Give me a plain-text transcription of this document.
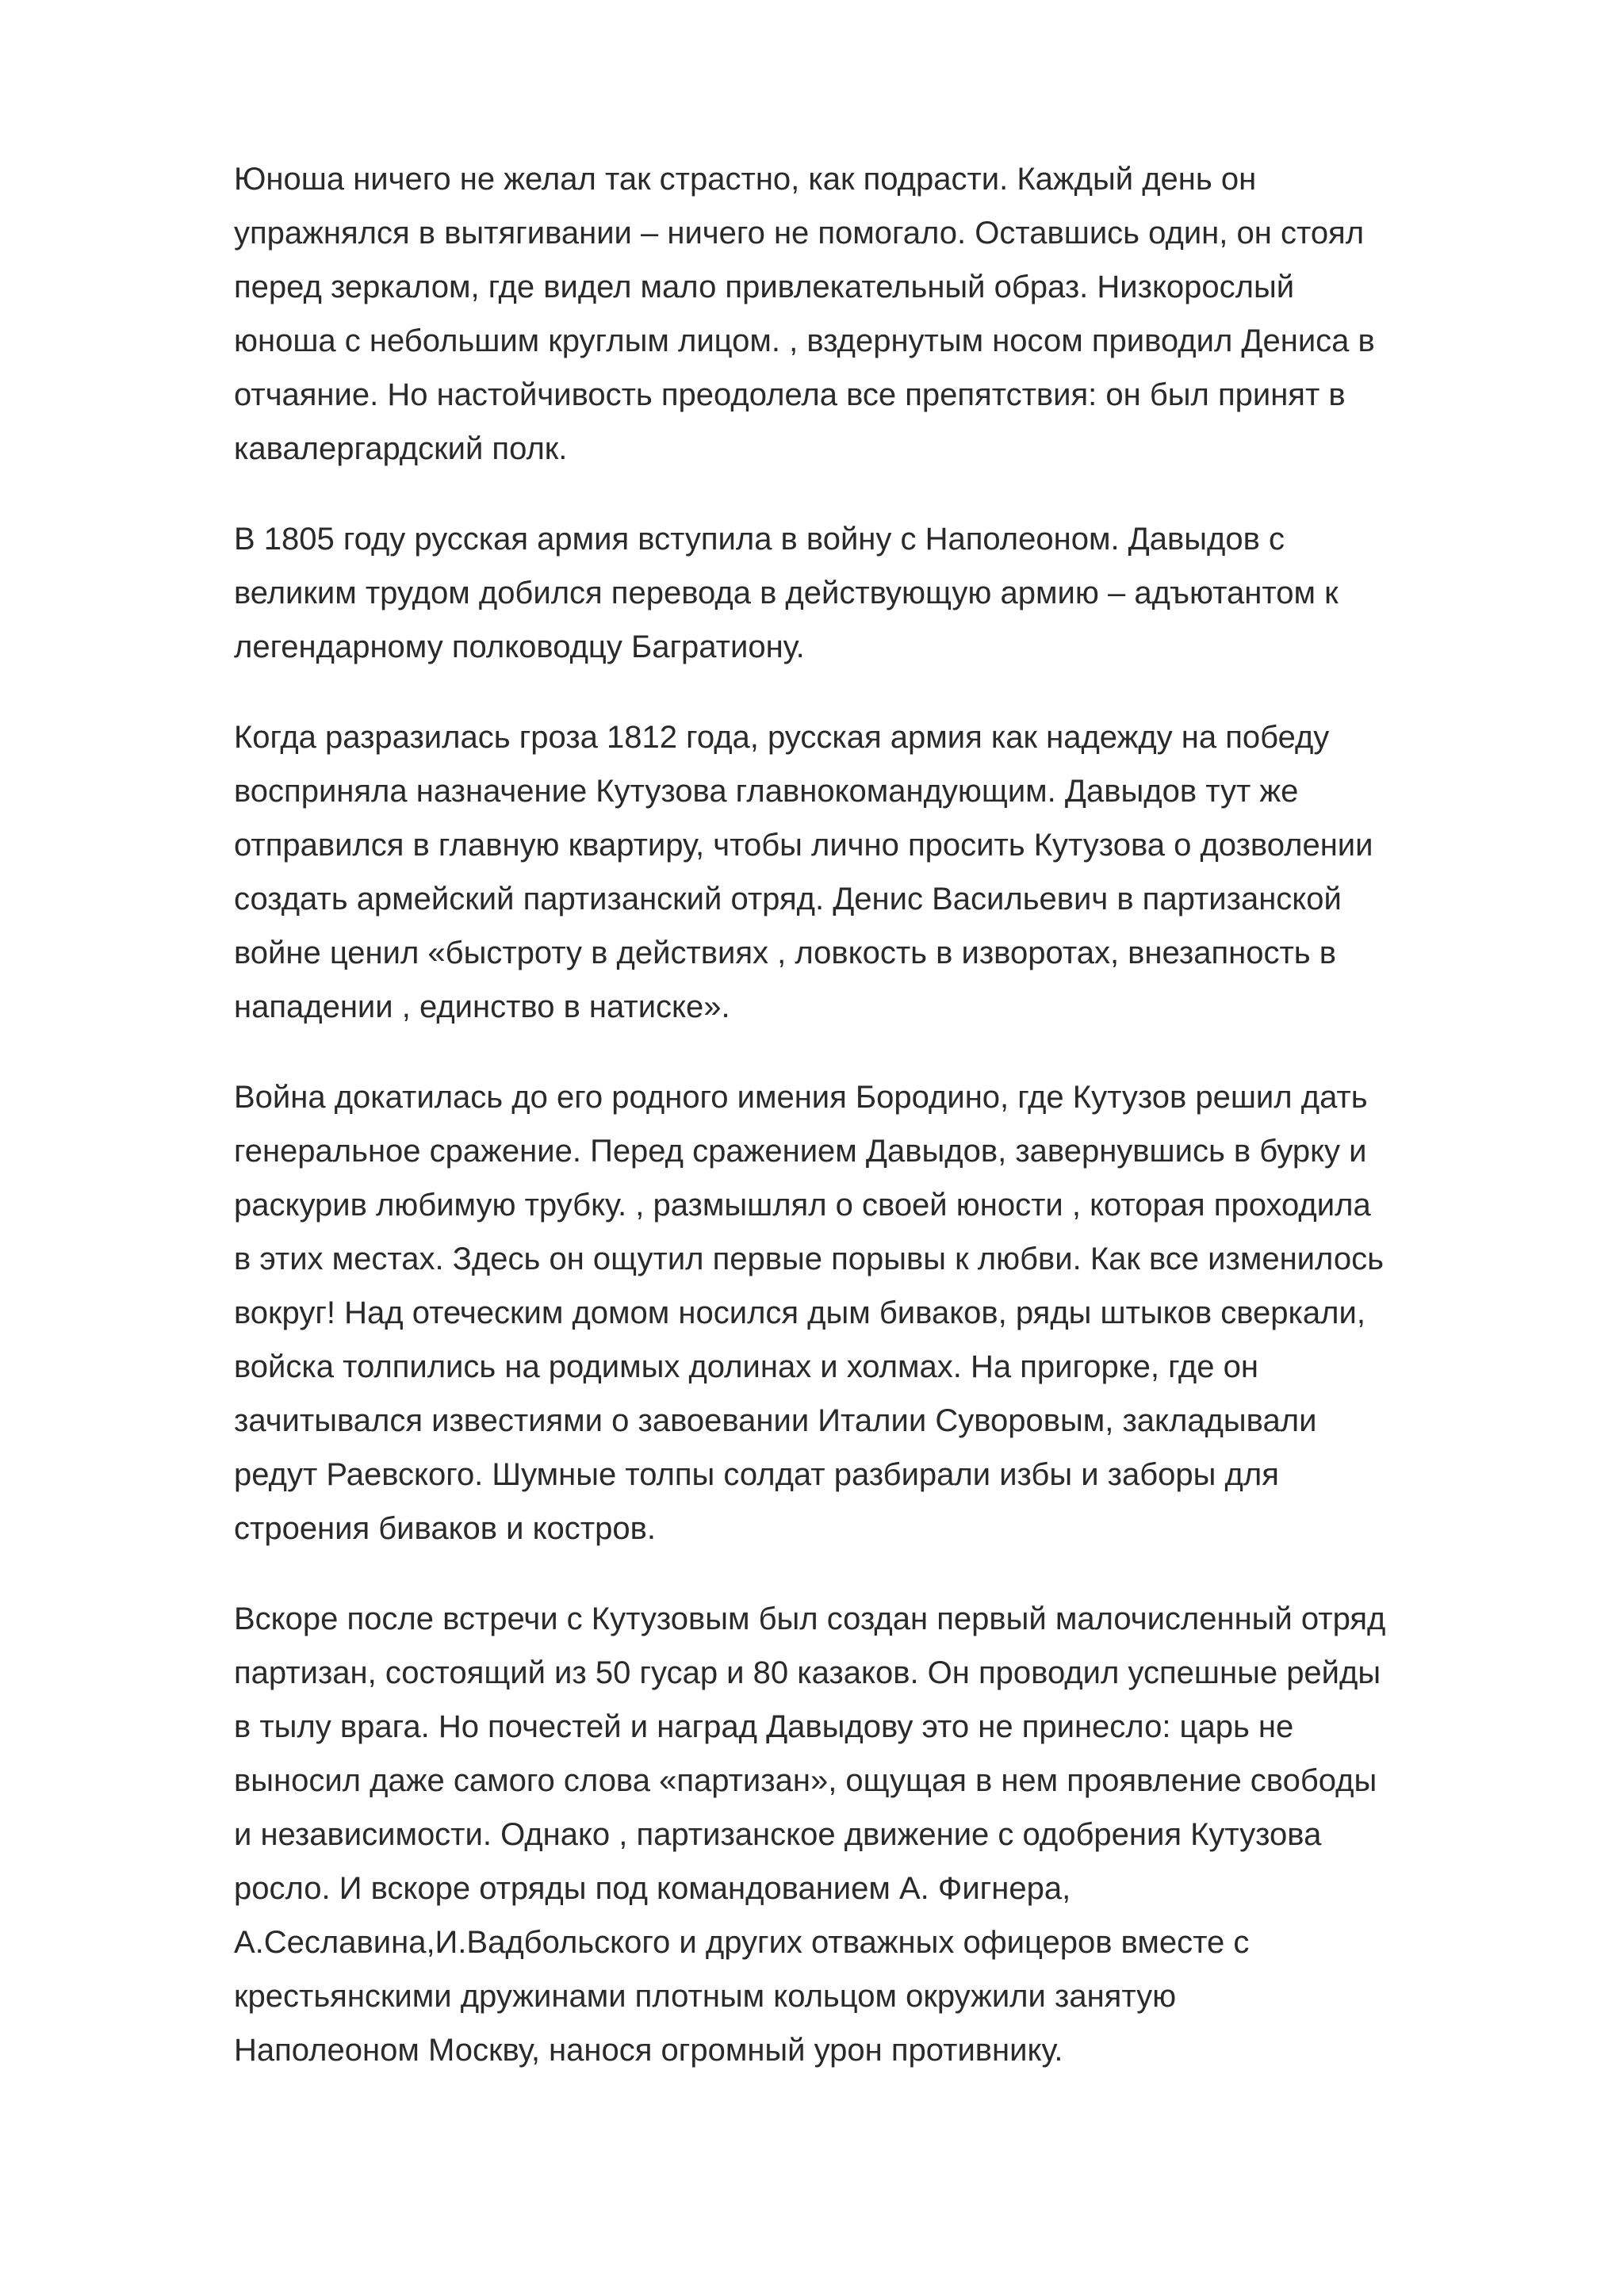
Юноша ничего не желал так страстно, как подрасти. Каждый день он
упражнялся в вытягивании – ничего не помогало. Оставшись один, он стоял
перед зеркалом, где видел мало привлекательный образ. Низкорослый
юноша с небольшим круглым лицом. , вздернутым носом приводил Дениса в
отчаяние. Но настойчивость преодолела все препятствия: он был принят в
кавалергардский полк.

В 1805 году русская армия вступила в войну с Наполеоном. Давыдов с
великим трудом добился перевода в действующую армию – адъютантом к
легендарному полководцу Багратиону.

Когда разразилась гроза 1812 года, русская армия как надежду на победу
восприняла назначение Кутузова главнокомандующим. Давыдов тут же
отправился в главную квартиру, чтобы лично просить Кутузова о дозволении
создать армейский партизанский отряд. Денис Васильевич в партизанской
войне ценил «быстроту в действиях , ловкость в изворотах, внезапность в
нападении , единство в натиске».

Война докатилась до его родного имения Бородино, где Кутузов решил дать
генеральное сражение. Перед сражением Давыдов, завернувшись в бурку и
раскурив любимую трубку. , размышлял о своей юности , которая проходила
в этих местах. Здесь он ощутил первые порывы к любви. Как все изменилось
вокруг! Над отеческим домом носился дым биваков, ряды штыков сверкали,
войска толпились на родимых долинах и холмах. На пригорке, где он
зачитывался известиями о завоевании Италии Суворовым, закладывали
редут Раевского. Шумные толпы солдат разбирали избы и заборы для
строения биваков и костров.

Вскоре после встречи с Кутузовым был создан первый малочисленный отряд
партизан, состоящий из 50 гусар и 80 казаков. Он проводил успешные рейды
в тылу врага. Но почестей и наград Давыдову это не принесло: царь не
выносил даже самого слова «партизан», ощущая в нем проявление свободы
и независимости. Однако , партизанское движение с одобрения Кутузова
росло. И вскоре отряды под командованием А. Фигнера,
А.Сеславина,И.Вадбольского и других отважных офицеров вместе с
крестьянскими дружинами плотным кольцом окружили занятую
Наполеоном Москву, нанося огромный урон противнику.
